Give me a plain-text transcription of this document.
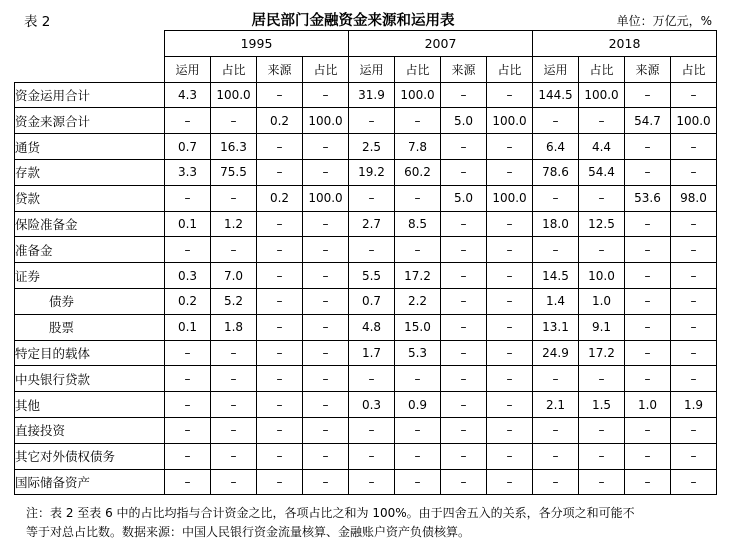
表 2	居民部门金融资金来源和运用表	单位：万亿元，%
	1995				2007				2018			
	运用	占比	来源	占比	运用	占比	来源	占比	运用	占比	来源	占比
资金运用合计	4.3	100.0	–	–	31.9	100.0	–	–	144.5	100.0	–	–
资金来源合计	–	–	0.2	100.0	–	–	5.0	100.0	–	–	54.7	100.0
通货	0.7	16.3	–	–	2.5	7.8	–	–	6.4	4.4	–	–
存款	3.3	75.5	–	–	19.2	60.2	–	–	78.6	54.4	–	–
贷款	–	–	0.2	100.0	–	–	5.0	100.0	–	–	53.6	98.0
保险准备金	0.1	1.2	–	–	2.7	8.5	–	–	18.0	12.5	–	–
准备金	–	–	–	–	–	–	–	–	–	–	–	–
证券	0.3	7.0	–	–	5.5	17.2	–	–	14.5	10.0	–	–
债券	0.2	5.2	–	–	0.7	2.2	–	–	1.4	1.0	–	–
股票	0.1	1.8	–	–	4.8	15.0	–	–	13.1	9.1	–	–
特定目的载体	–	–	–	–	1.7	5.3	–	–	24.9	17.2	–	–
中央银行贷款	–	–	–	–	–	–	–	–	–	–	–	–
其他	–	–	–	–	0.3	0.9	–	–	2.1	1.5	1.0	1.9
直接投资	–	–	–	–	–	–	–	–	–	–	–	–
其它对外债权债务	–	–	–	–	–	–	–	–	–	–	–	–
国际储备资产	–	–	–	–	–	–	–	–	–	–	–	–
注：表 2 至表 6 中的占比均指与合计资金之比，各项占比之和为 100%。由于四舍五入的关系，各分项之和可能不
等于对总占比数。数据来源：中国人民银行资金流量核算、金融账户资产负债核算。
